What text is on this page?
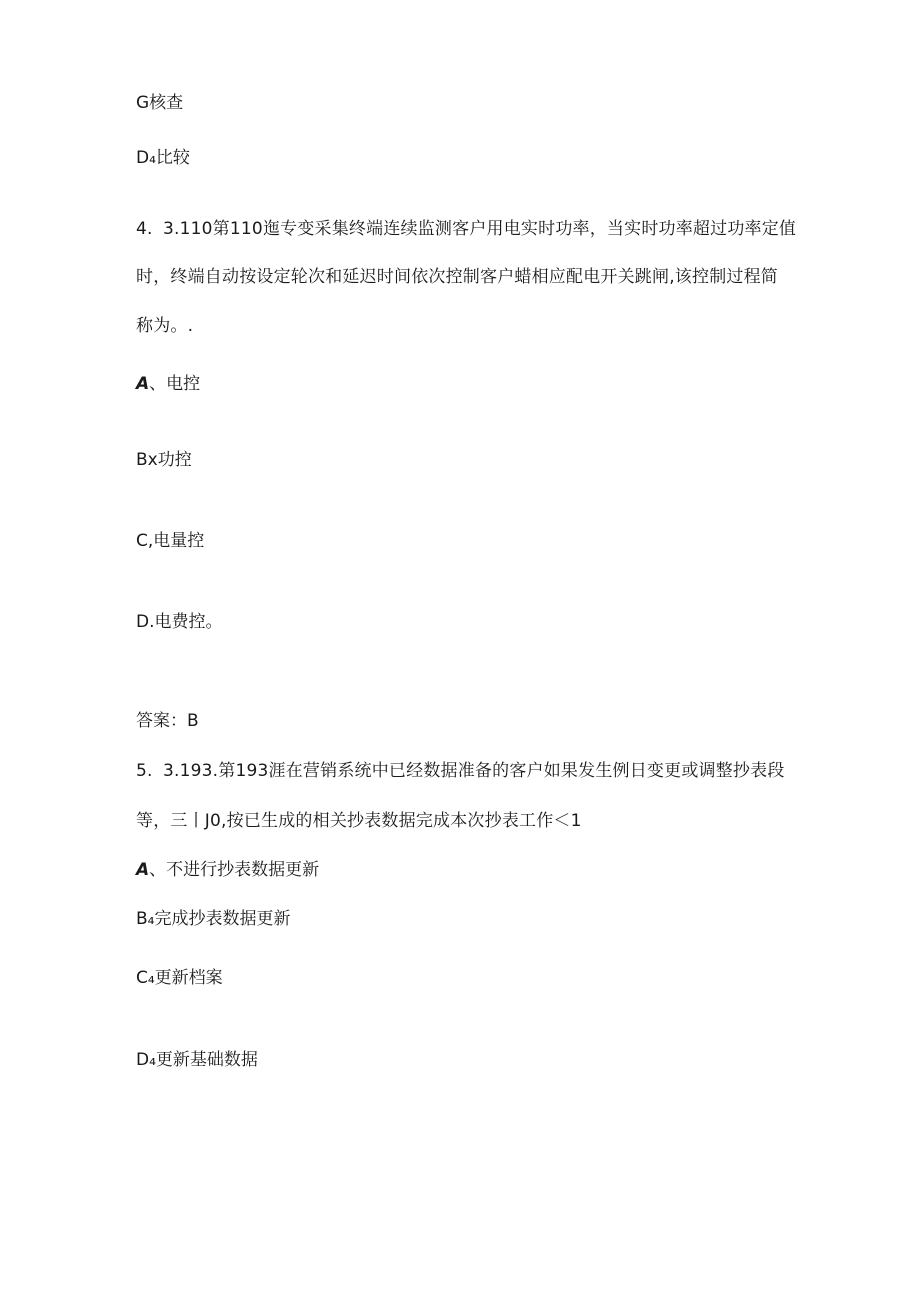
G核查
D₄比较
4. 3.110第110迤专变采集终端连续监测客户用电实时功率，当实时功率超过功率定值
时，终端自动按设定轮次和延迟时间依次控制客户蜡相应配电开关跳闸,该控制过程简
称为。.
A、电控
Bx功控
C,电量控
D.电费控。
答案：B
5. 3.193.第193涯在营销系统中已经数据准备的客户如果发生例日变更或调整抄表段
等，三丨J0,按已生成的相关抄表数据完成本次抄表工作＜1
A、不进行抄表数据更新
B₄完成抄表数据更新
C₄更新档案
D₄更新基础数据
